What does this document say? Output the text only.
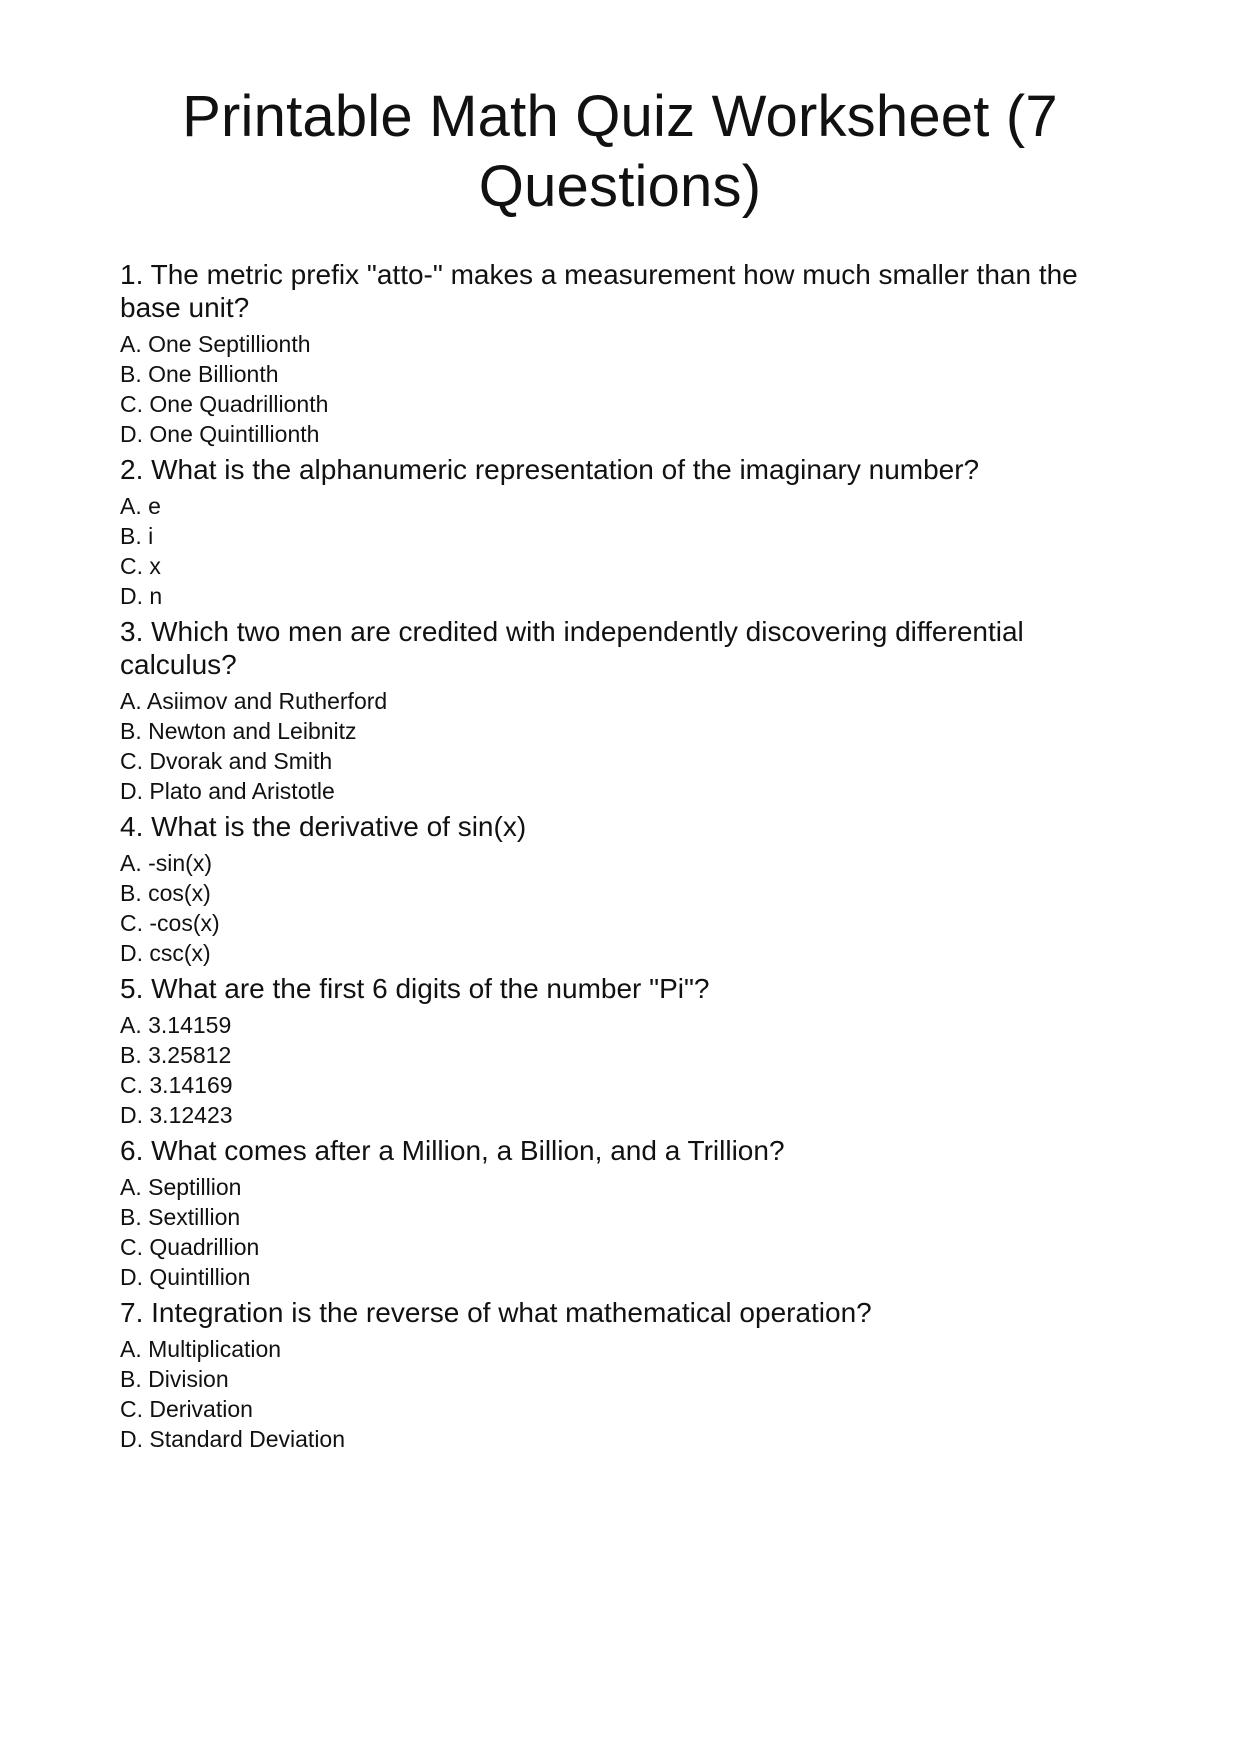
Printable Math Quiz Worksheet (7 Questions)

1. The metric prefix "atto-" makes a measurement how much smaller than the base unit?

A. One Septillionth
B. One Billionth
C. One Quadrillionth
D. One Quintillionth

2. What is the alphanumeric representation of the imaginary number?

A. e
B. i
C. x
D. n

3. Which two men are credited with independently discovering differential calculus?

A. Asiimov and Rutherford
B. Newton and Leibnitz
C. Dvorak and Smith
D. Plato and Aristotle

4. What is the derivative of sin(x)

A. -sin(x)
B. cos(x)
C. -cos(x)
D. csc(x)

5. What are the first 6 digits of the number "Pi"?

A. 3.14159
B. 3.25812
C. 3.14169
D. 3.12423

6. What comes after a Million, a Billion, and a Trillion?

A. Septillion
B. Sextillion
C. Quadrillion
D. Quintillion

7. Integration is the reverse of what mathematical operation?

A. Multiplication
B. Division
C. Derivation
D. Standard Deviation
